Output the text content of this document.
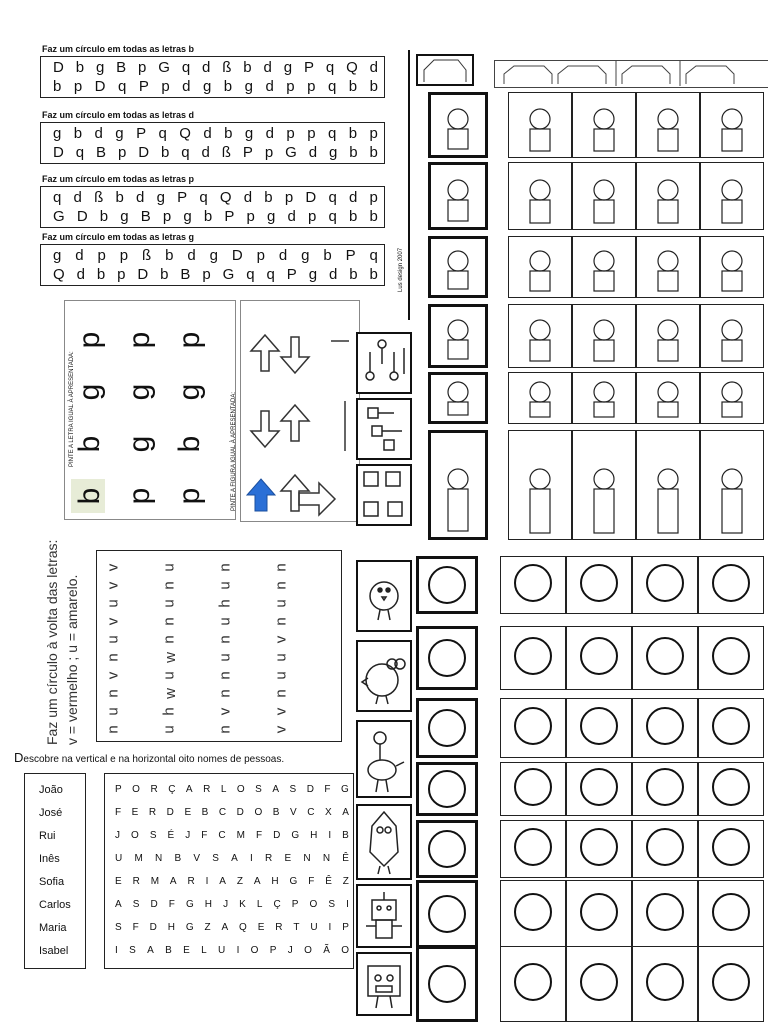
Faz um círculo em todas as letras b
D b g B p G q d ß b d g P q Q d
b p D q P p d g b g d p p q b b
Faz um círculo em todas as letras d
g b d g P q Q d b g d p p q b p
D q B p D b q d ß P p G d g b b
Faz um círculo em todas as letras p
q d ß b d g P q Q d b p D q d p
G D b g B p g b P p g d p q b b
Faz um círculo em todas as letras g
g d p p ß b d g D p d g b P q
Q d b p D b B p G q q P g d b b
PINTE A LETRA IGUAL À APRESENTADA:
b
b
g
p
p
g
g
p
p
b
g
p
PINTE A FIGURA IGUAL À APRESENTADA:
Faz um círculo à volta das letras: v = vermelho ; u = amarelo. n
u
n
v
n
u
v
u
v
v
u
h
w
u
w
n
n
u
n
u
n
v
n
n
u
n
u
h
u
n
v
v
n
u
u
v
n
u
n
n
Descobre na vertical e na horizontal oito nomes de pessoas.
João
José
Rui
Inês
Sofia
Carlos
Maria
Isabel
P O R Ç A R L O S A S D F G
F E R D E B C D O B V C X A
J O S É J F C M F D G H I B
U M N B V S A I R E N N Ê
E R M A R I A Z A H G F Ê Z
A S D F G H J K L Ç P O S I
S F D H G Z A Q E R T U I P
I S A B E L U I O P J O Ã O
Lus design 2007
